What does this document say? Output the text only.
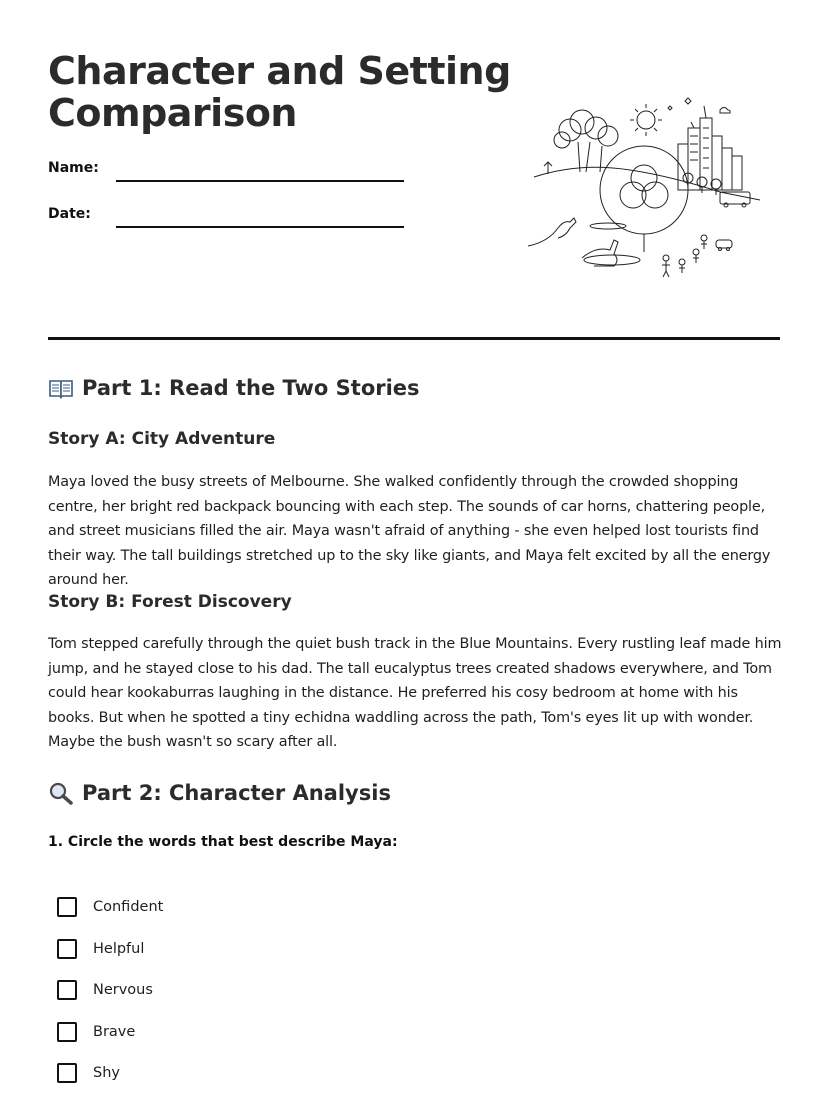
Character and Setting Comparison
Name:
Date:
Part 1: Read the Two Stories
Story A: City Adventure

Maya loved the busy streets of Melbourne. She walked confidently through the crowded shopping centre, her bright red backpack bouncing with each step. The sounds of car horns, chattering people, and street musicians filled the air. Maya wasn't afraid of anything - she even helped lost tourists find their way. The tall buildings stretched up to the sky like giants, and Maya felt excited by all the energy around her.

Story B: Forest Discovery

Tom stepped carefully through the quiet bush track in the Blue Mountains. Every rustling leaf made him jump, and he stayed close to his dad. The tall eucalyptus trees created shadows everywhere, and Tom could hear kookaburras laughing in the distance. He preferred his cosy bedroom at home with his books. But when he spotted a tiny echidna waddling across the path, Tom's eyes lit up with wonder. Maybe the bush wasn't so scary after all.

Part 2: Character Analysis
1. Circle the words that best describe Maya:
Confident
Helpful
Nervous
Brave
Shy
